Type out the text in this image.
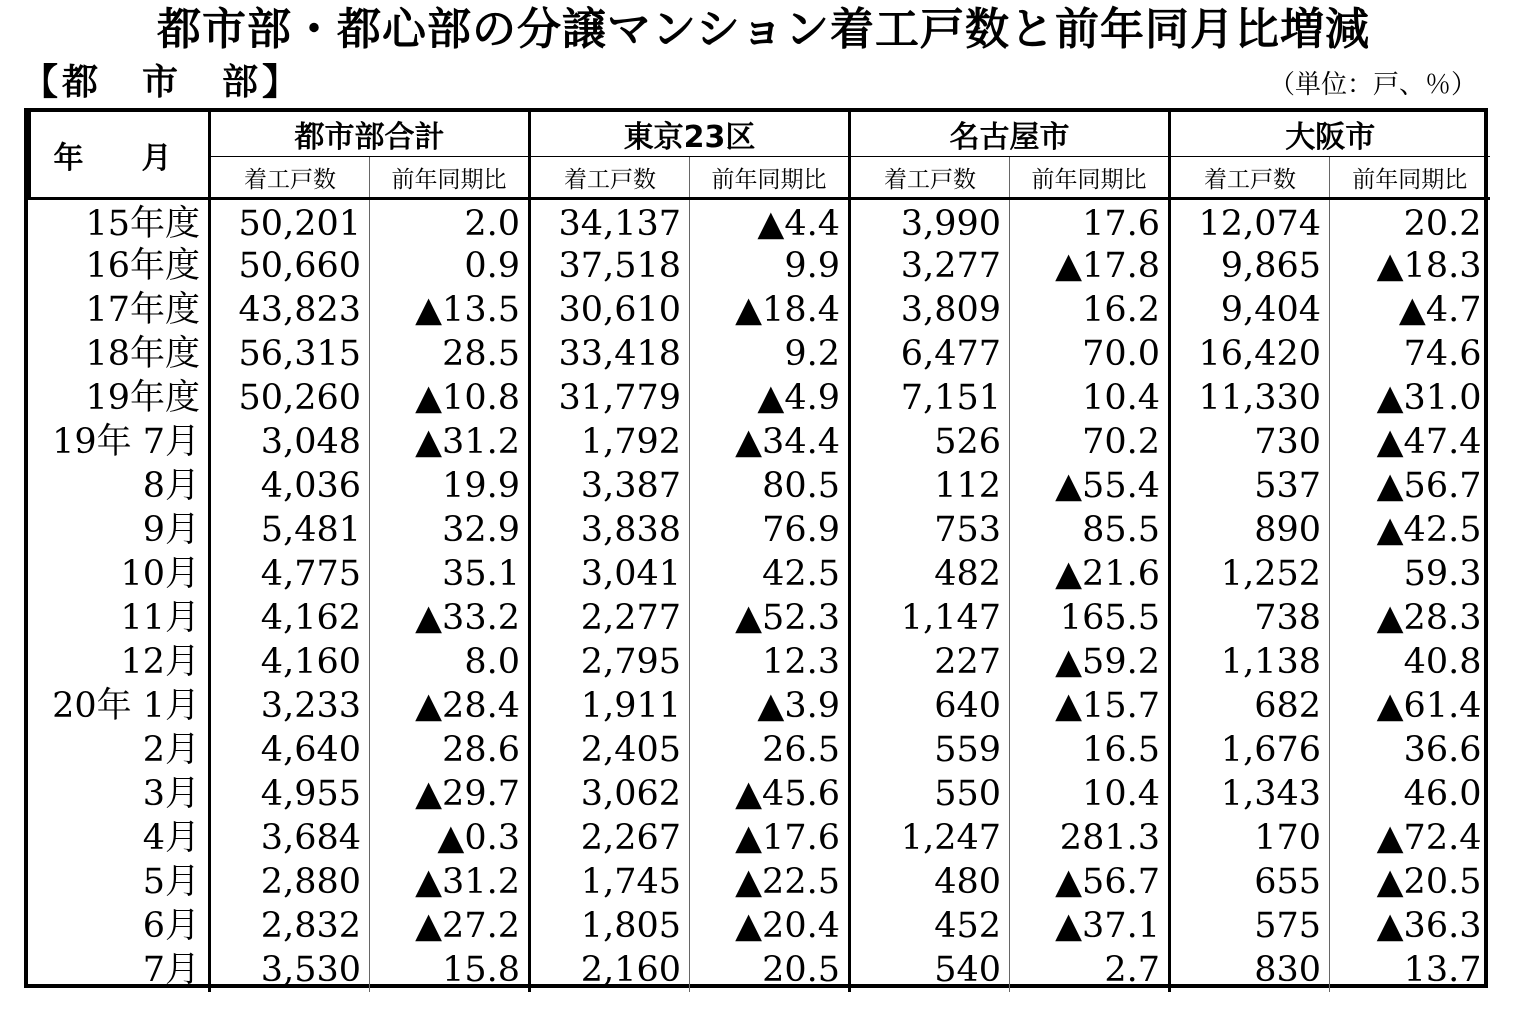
都市部・都心部の分譲マンション着工戸数と前年同月比増減
【都　市　部】	（単位：戸、％）
年　月	都市部合計		東京23区		名古屋市		大阪市	
	着工戸数	前年同期比	着工戸数	前年同期比	着工戸数	前年同期比	着工戸数	前年同期比
15年度	50,201	2.0	34,137	▲4.4	3,990	17.6	12,074	20.2
16年度	50,660	0.9	37,518	9.9	3,277	▲17.8	9,865	▲18.3
17年度	43,823	▲13.5	30,610	▲18.4	3,809	16.2	9,404	▲4.7
18年度	56,315	28.5	33,418	9.2	6,477	70.0	16,420	74.6
19年度	50,260	▲10.8	31,779	▲4.9	7,151	10.4	11,330	▲31.0
19年 7月	3,048	▲31.2	1,792	▲34.4	526	70.2	730	▲47.4
8月	4,036	19.9	3,387	80.5	112	▲55.4	537	▲56.7
9月	5,481	32.9	3,838	76.9	753	85.5	890	▲42.5
10月	4,775	35.1	3,041	42.5	482	▲21.6	1,252	59.3
11月	4,162	▲33.2	2,277	▲52.3	1,147	165.5	738	▲28.3
12月	4,160	8.0	2,795	12.3	227	▲59.2	1,138	40.8
20年 1月	3,233	▲28.4	1,911	▲3.9	640	▲15.7	682	▲61.4
2月	4,640	28.6	2,405	26.5	559	16.5	1,676	36.6
3月	4,955	▲29.7	3,062	▲45.6	550	10.4	1,343	46.0
4月	3,684	▲0.3	2,267	▲17.6	1,247	281.3	170	▲72.4
5月	2,880	▲31.2	1,745	▲22.5	480	▲56.7	655	▲20.5
6月	2,832	▲27.2	1,805	▲20.4	452	▲37.1	575	▲36.3
7月	3,530	15.8	2,160	20.5	540	2.7	830	13.7
